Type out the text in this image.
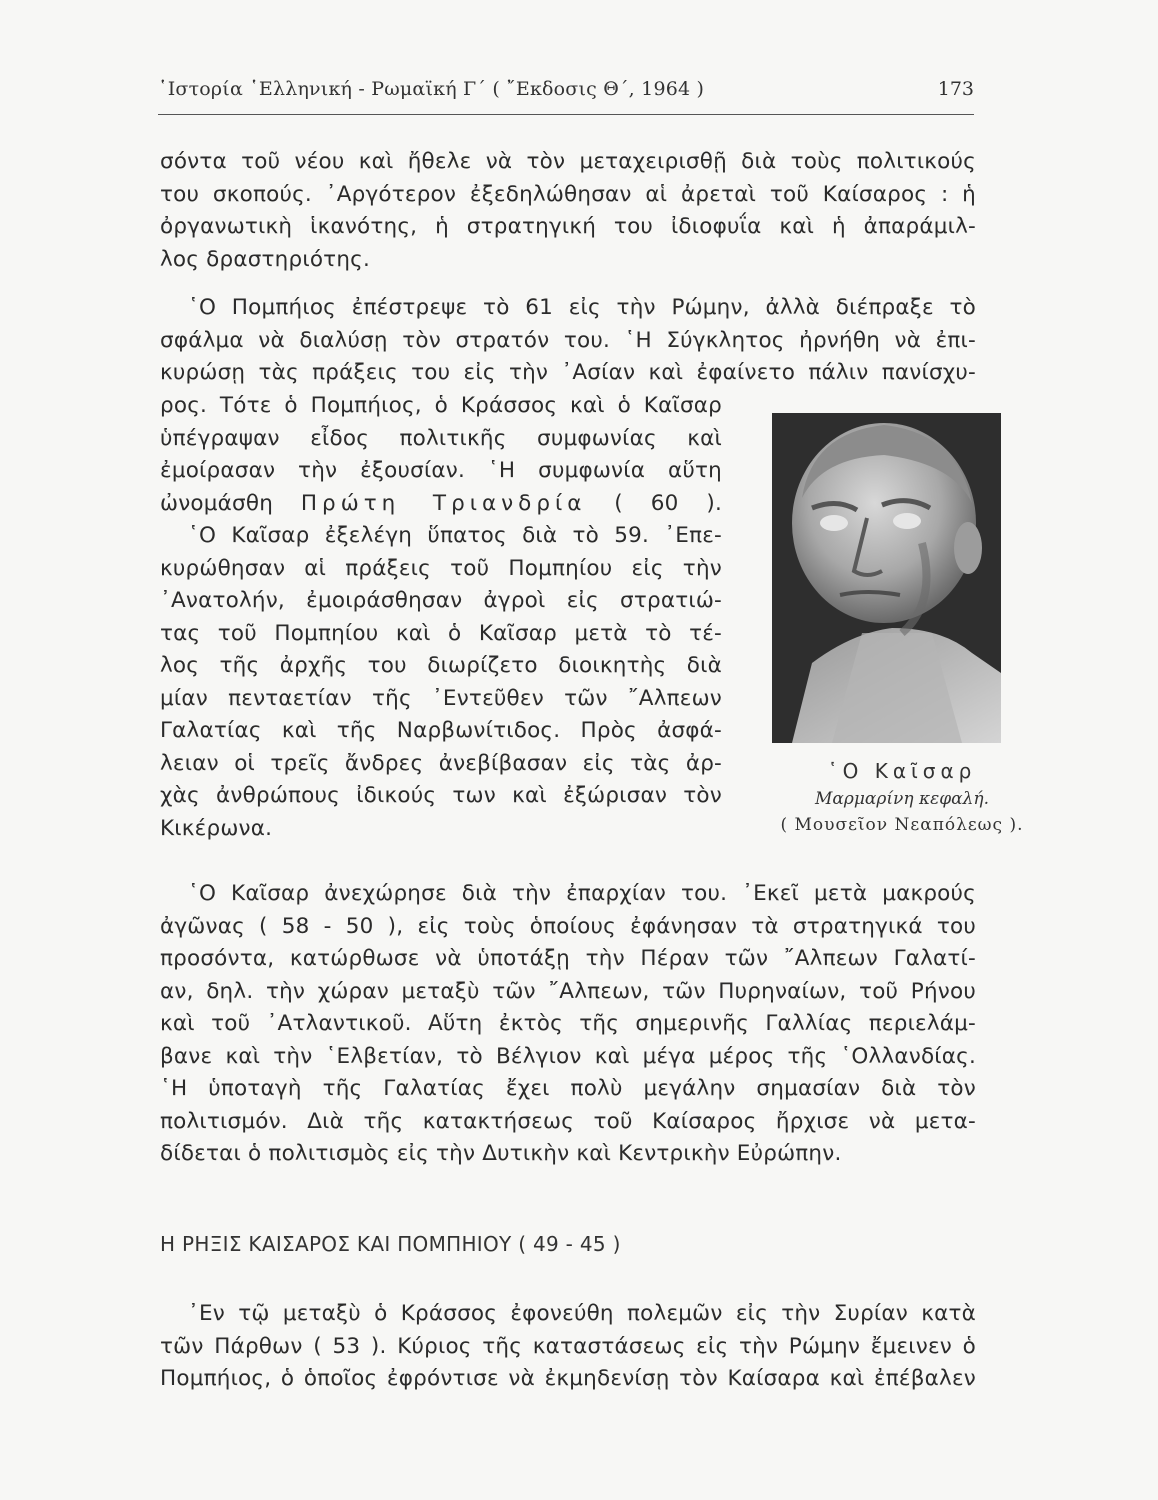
῾Ιστορία ῾Ελληνική - Ρωμαϊκή Γ΄ ( ῎Εκδοσις Θ΄, 1964 )	173
σόντα τοῦ νέου καὶ ἤθελε νὰ τὸν μεταχειρισθῇ διὰ τοὺς πολιτικούς
του σκοπούς. ᾿Αργότερον ἐξεδηλώθησαν αἱ ἀρεταὶ τοῦ Καίσαρος : ἡ
ὀργανωτικὴ ἱκανότης, ἡ στρατηγική του ἰδιοφυΐα καὶ ἡ ἀπαράμιλ-
λος δραστηριότης.
῾Ο Πομπήιος ἐπέστρεψε τὸ 61 εἰς τὴν Ρώμην, ἀλλὰ διέπραξε τὸ
σφάλμα νὰ διαλύσῃ τὸν στρατόν του. ῾Η Σύγκλητος ἠρνήθη νὰ ἐπι-
κυρώσῃ τὰς πράξεις του εἰς τὴν ᾿Ασίαν καὶ ἐφαίνετο πάλιν πανίσχυ-
ρος. Τότε ὁ Πομπήιος, ὁ Κράσσος καὶ ὁ Καῖσαρ
ὑπέγραψαν εἶδος πολιτικῆς συμφωνίας καὶ
ἐμοίρασαν τὴν ἐξουσίαν. ῾Η συμφωνία αὕτη
ὠνομάσθη Πρώτη Τριανδρία ( 60 ).
῾Ο Καῖσαρ ἐξελέγη ὕπατος διὰ τὸ 59. ᾿Επε-
κυρώθησαν αἱ πράξεις τοῦ Πομπηίου εἰς τὴν
᾿Ανατολήν, ἐμοιράσθησαν ἀγροὶ εἰς στρατιώ-
τας τοῦ Πομπηίου καὶ ὁ Καῖσαρ μετὰ τὸ τέ-
λος τῆς ἀρχῆς του διωρίζετο διοικητὴς διὰ
μίαν πενταετίαν τῆς ᾿Εντεῦθεν τῶν ῎Αλπεων
Γαλατίας καὶ τῆς Ναρβωνίτιδος. Πρὸς ἀσφά-
λειαν οἱ τρεῖς ἄνδρες ἀνεβίβασαν εἰς τὰς ἀρ-
χὰς ἀνθρώπους ἰδικούς των καὶ ἐξώρισαν τὸν
Κικέρωνα.
῾Ο Καῖσαρ
Μαρμαρίνη κεφαλή.
( Μουσεῖον Νεαπόλεως ).
῾Ο Καῖσαρ ἀνεχώρησε διὰ τὴν ἐπαρχίαν του. ᾿Εκεῖ μετὰ μακρούς
ἀγῶνας ( 58 - 50 ), εἰς τοὺς ὁποίους ἐφάνησαν τὰ στρατηγικά του
προσόντα, κατώρθωσε νὰ ὑποτάξῃ τὴν Πέραν τῶν ῎Αλπεων Γαλατί-
αν, δηλ. τὴν χώραν μεταξὺ τῶν ῎Αλπεων, τῶν Πυρηναίων, τοῦ Ρήνου
καὶ τοῦ ᾿Ατλαντικοῦ. Αὕτη ἐκτὸς τῆς σημερινῆς Γαλλίας περιελάμ-
βανε καὶ τὴν ῾Ελβετίαν, τὸ Βέλγιον καὶ μέγα μέρος τῆς ῾Ολλανδίας.
῾Η ὑποταγὴ τῆς Γαλατίας ἔχει πολὺ μεγάλην σημασίαν διὰ τὸν
πολιτισμόν. Διὰ τῆς κατακτήσεως τοῦ Καίσαρος ἤρχισε νὰ μετα-
δίδεται ὁ πολιτισμὸς εἰς τὴν Δυτικὴν καὶ Κεντρικὴν Εὐρώπην.
Η ΡΗΞΙΣ ΚΑΙΣΑΡΟΣ ΚΑΙ ΠΟΜΠΗΙΟΥ ( 49 - 45 )
᾿Εν τῷ μεταξὺ ὁ Κράσσος ἐφονεύθη πολεμῶν εἰς τὴν Συρίαν κατὰ
τῶν Πάρθων ( 53 ). Κύριος τῆς καταστάσεως εἰς τὴν Ρώμην ἔμεινεν ὁ
Πομπήιος, ὁ ὁποῖος ἐφρόντισε νὰ ἐκμηδενίσῃ τὸν Καίσαρα καὶ ἐπέβαλεν
